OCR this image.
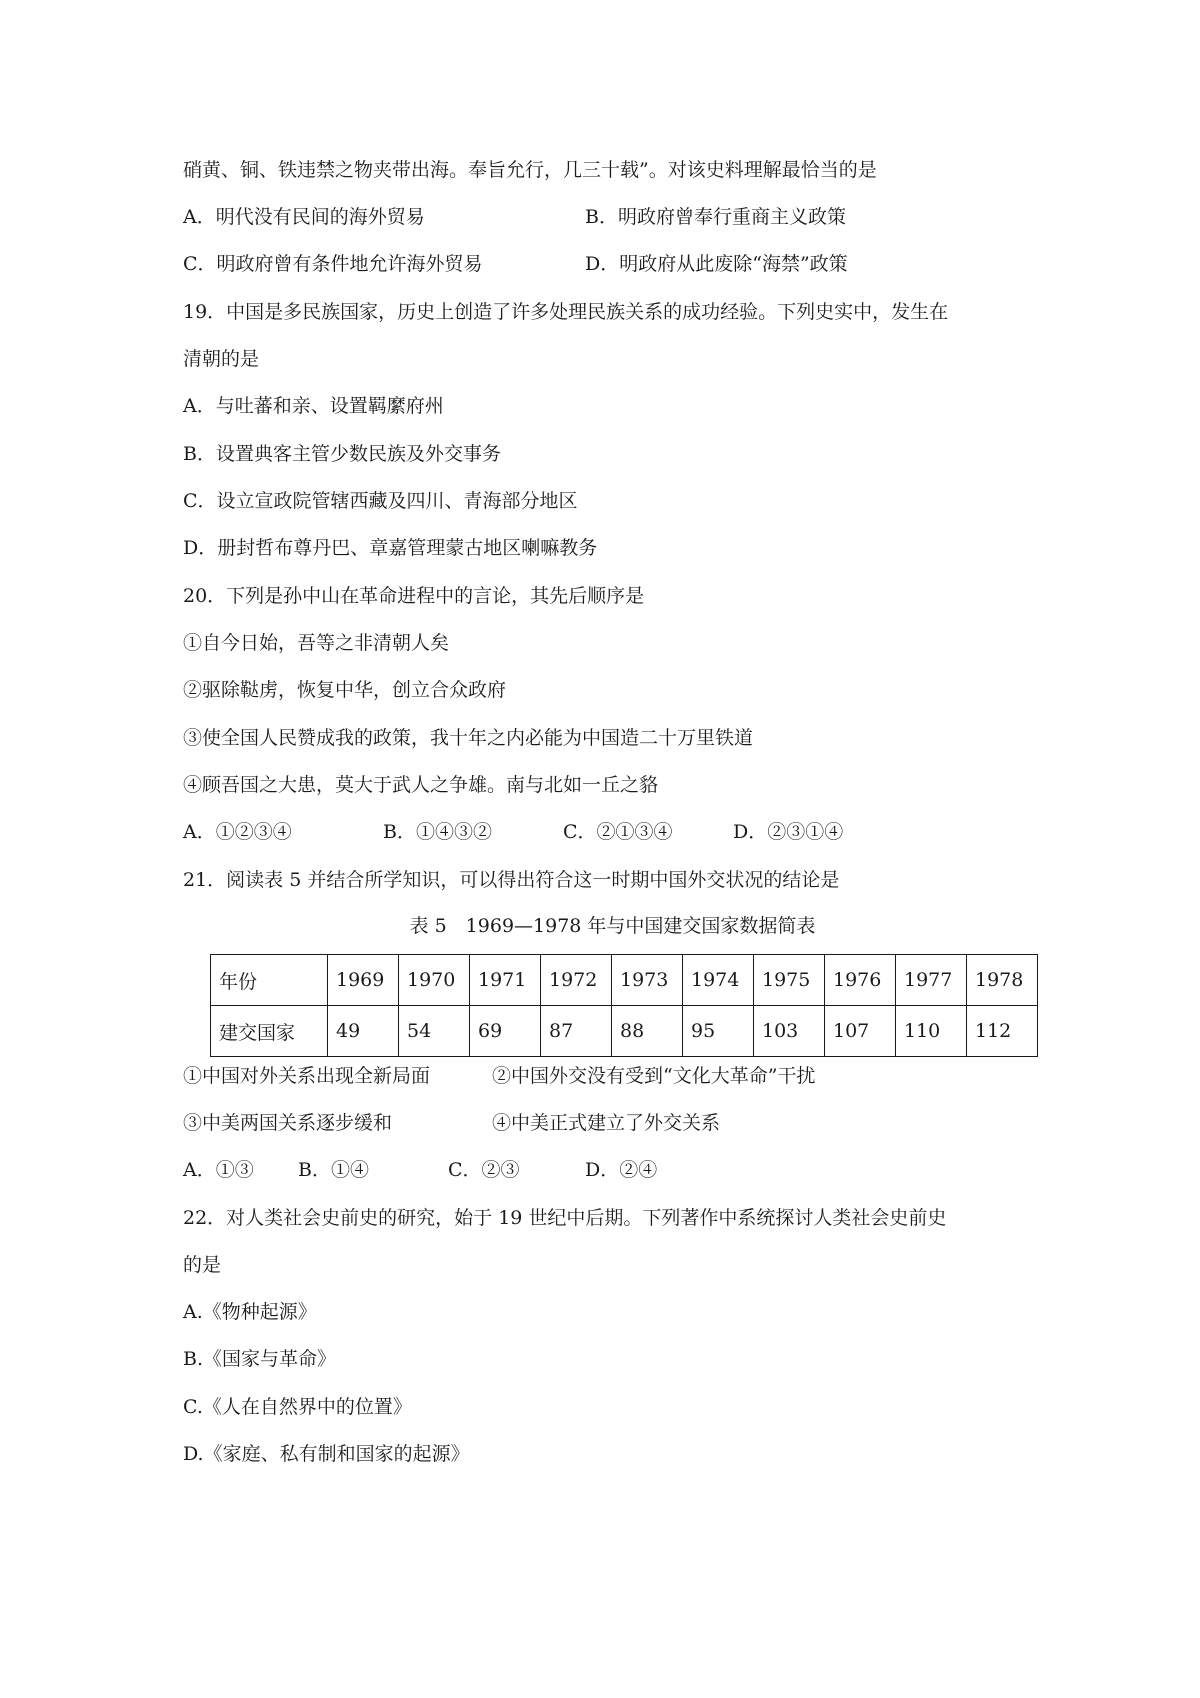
硝黄、铜、铁违禁之物夹带出海。奉旨允行，几三十载”。对该史料理解最恰当的是
A．明代没有民间的海外贸易	B．明政府曾奉行重商主义政策
C．明政府曾有条件地允许海外贸易	D．明政府从此废除“海禁”政策
19．中国是多民族国家，历史上创造了许多处理民族关系的成功经验。下列史实中，发生在
清朝的是
A．与吐蕃和亲、设置羁縻府州
B．设置典客主管少数民族及外交事务
C．设立宣政院管辖西藏及四川、青海部分地区
D．册封哲布尊丹巴、章嘉管理蒙古地区喇嘛教务
20．下列是孙中山在革命进程中的言论，其先后顺序是
①自今日始，吾等之非清朝人矣
②驱除鞑虏，恢复中华，创立合众政府
③使全国人民赞成我的政策，我十年之内必能为中国造二十万里铁道
④顾吾国之大患，莫大于武人之争雄。南与北如一丘之貉
A．①②③④	B．①④③②	C．②①③④	D．②③①④
21．阅读表 5 并结合所学知识，可以得出符合这一时期中国外交状况的结论是
表 5　1969—1978 年与中国建交国家数据简表
年份	1969	1970	1971	1972	1973	1974	1975	1976	1977	1978
建交国家	49	54	69	87	88	95	103	107	110	112
①中国对外关系出现全新局面	②中国外交没有受到“文化大革命”干扰
③中美两国关系逐步缓和	④中美正式建立了外交关系
A．①③ B．①④	C．②③	D．②④
22．对人类社会史前史的研究，始于 19 世纪中后期。下列著作中系统探讨人类社会史前史
的是
A.《物种起源》
B.《国家与革命》
C.《人在自然界中的位置》
D.《家庭、私有制和国家的起源》
